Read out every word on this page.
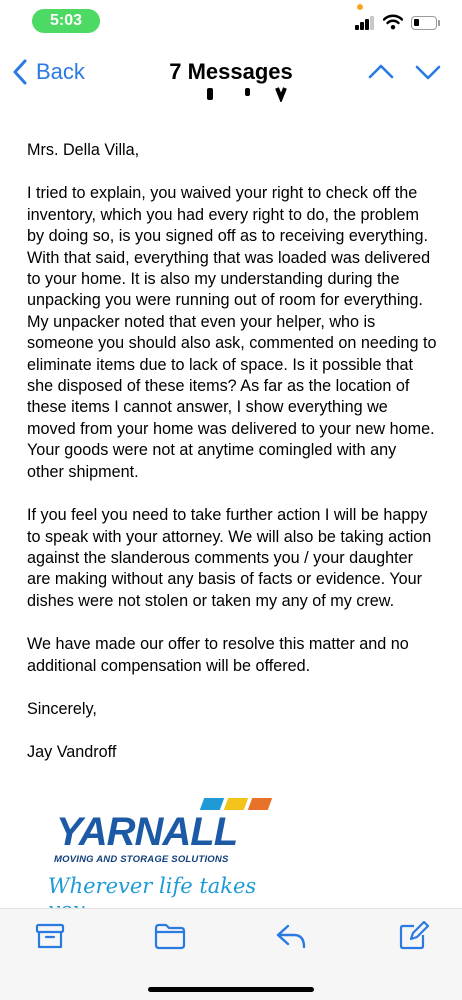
5:03
Back	7 Messages

Mrs. Della Villa,

I tried to explain, you waived your right to check off the inventory, which you had every right to do, the problem by doing so, is you signed off as to receiving everything. With that said, everything that was loaded was delivered to your home. It is also my understanding during the unpacking you were running out of room for everything. My unpacker noted that even your helper, who is someone you should also ask, commented on needing to eliminate items due to lack of space. Is it possible that she disposed of these items? As far as the location of these items I cannot answer, I show everything we moved from your home was delivered to your new home. Your goods were not at anytime comingled with any other shipment.

If you feel you need to take further action I will be happy to speak with your attorney. We will also be taking action against the slanderous comments you / your daughter are making without any basis of facts or evidence. Your dishes were not stolen or taken my any of my crew.

We have made our offer to resolve this matter and no additional compensation will be offered.

Sincerely,

Jay Vandroff

YARNALL
MOVING AND STORAGE SOLUTIONS
Wherever life takes
